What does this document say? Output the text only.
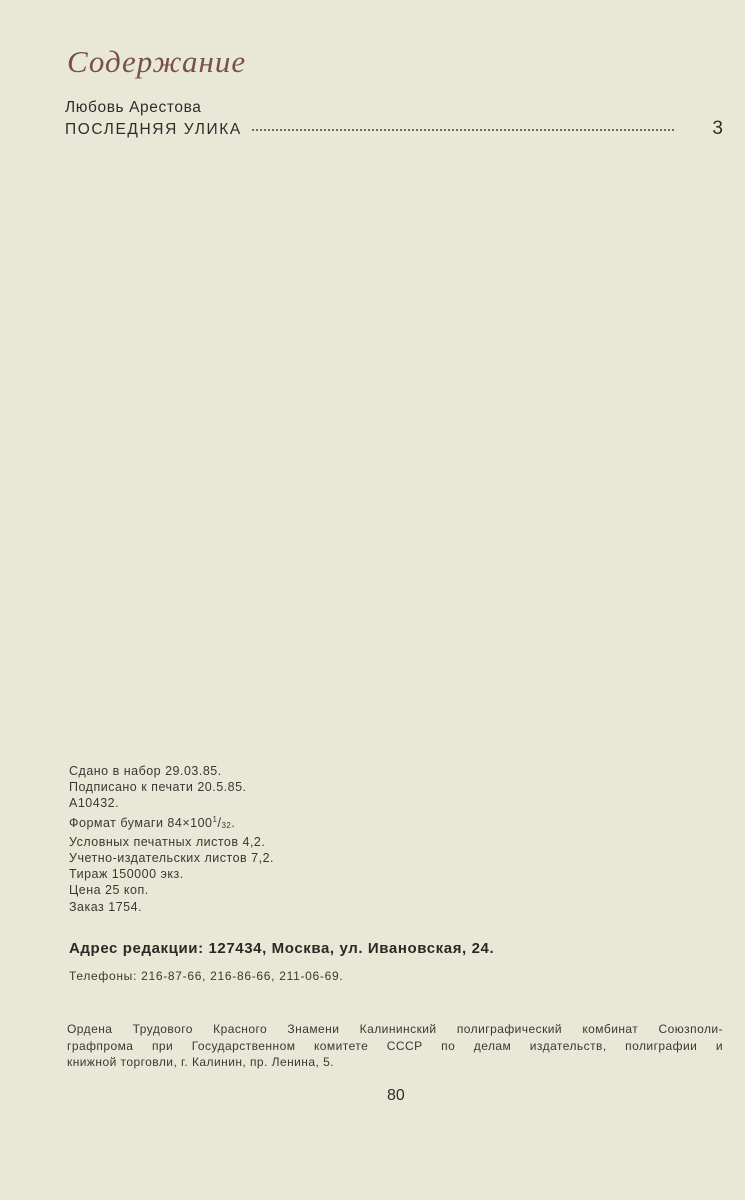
Содержание
Любовь Арестова
ПОСЛЕДНЯЯ УЛИКА	3
Сдано в набор 29.03.85.
Подписано к печати 20.5.85.
А10432.
Формат бумаги $84\times 100^1/32$.
Условных печатных листов 4,2.
Учетно-издательских листов 7,2.
Тираж 150000 экз.
Цена 25 коп.
Заказ 1754.
Адрес редакции: 127434, Москва, ул. Ивановская, 24.
Телефоны: 216-87-66, 216-86-66, 211-06-69.
Ордена Трудового Красного Знамени Калининский полиграфический комбинат Союзполи-
графпрома при Государственном комитете СССР по делам издательств, полиграфии и
книжной торговли, г. Калинин, пр. Ленина, 5.
80
